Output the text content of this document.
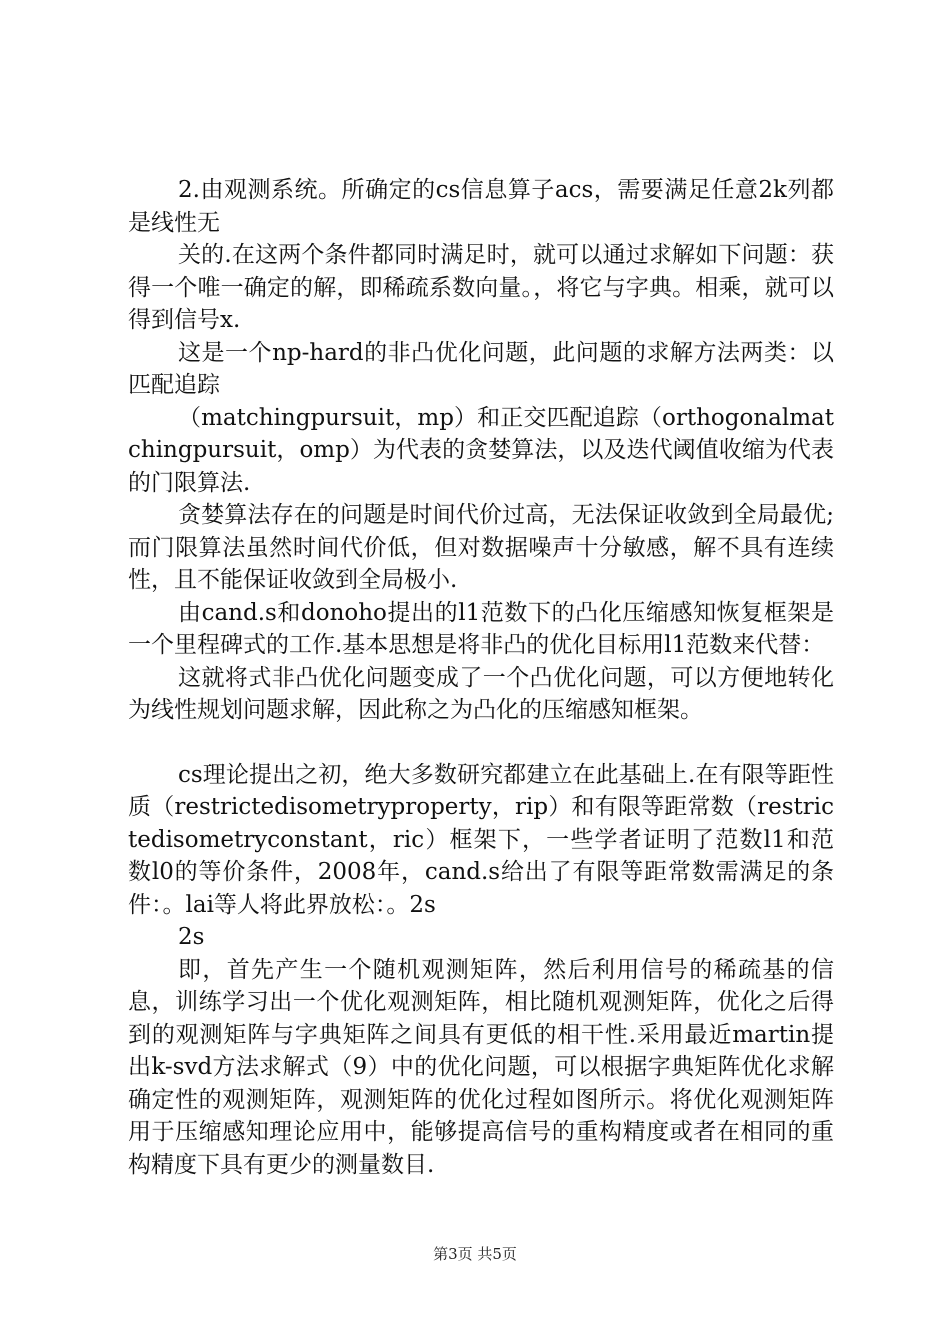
2.由观测系统。所确定的cs信息算子acs，需要满足任意2k列都是线性无

关的.在这两个条件都同时满足时，就可以通过求解如下问题：获得一个唯一确定的解，即稀疏系数向量。，将它与字典。相乘，就可以得到信号x.

这是一个np-hard的非凸优化问题，此问题的求解方法两类：以匹配追踪

（matchingpursuit，mp）和正交匹配追踪（orthogonalmatchingpursuit，omp）为代表的贪婪算法，以及迭代阈值收缩为代表的门限算法.

贪婪算法存在的问题是时间代价过高，无法保证收敛到全局最优;而门限算法虽然时间代价低，但对数据噪声十分敏感，解不具有连续性，且不能保证收敛到全局极小.

由cand.s和donoho提出的l1范数下的凸化压缩感知恢复框架是一个里程碑式的工作.基本思想是将非凸的优化目标用l1范数来代替：

这就将式非凸优化问题变成了一个凸优化问题，可以方便地转化为线性规划问题求解，因此称之为凸化的压缩感知框架。

cs理论提出之初，绝大多数研究都建立在此基础上.在有限等距性质（restrictedisometryproperty，rip）和有限等距常数（restrictedisometryconstant，ric）框架下，一些学者证明了范数l1和范数l0的等价条件，2008年，cand.s给出了有限等距常数需满足的条件：。lai等人将此界放松：。2s

2s

即，首先产生一个随机观测矩阵，然后利用信号的稀疏基的信息，训练学习出一个优化观测矩阵，相比随机观测矩阵，优化之后得到的观测矩阵与字典矩阵之间具有更低的相干性.采用最近martin提出k-svd方法求解式（9）中的优化问题，可以根据字典矩阵优化求解确定性的观测矩阵，观测矩阵的优化过程如图所示。将优化观测矩阵用于压缩感知理论应用中，能够提高信号的重构精度或者在相同的重构精度下具有更少的测量数目.

第3页 共5页
